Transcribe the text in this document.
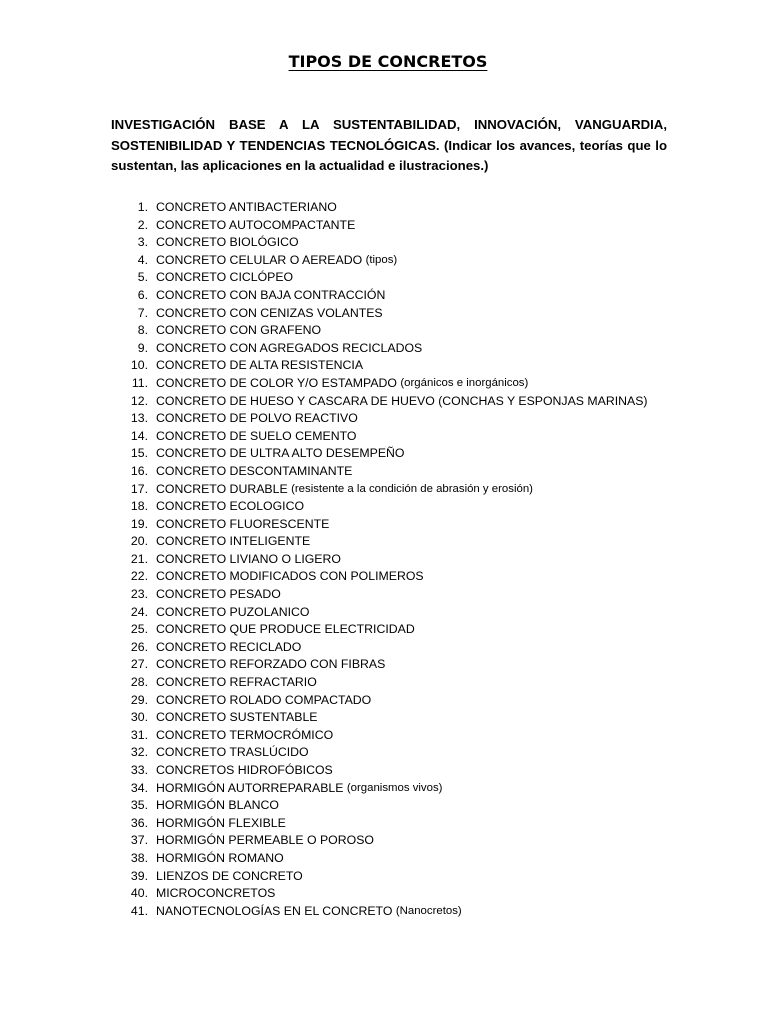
TIPOS DE CONCRETOS

INVESTIGACIÓN BASE A LA SUSTENTABILIDAD, INNOVACIÓN, VANGUARDIA, SOSTENIBILIDAD Y TENDENCIAS TECNOLÓGICAS. (Indicar los avances, teorías que lo sustentan, las aplicaciones en la actualidad e ilustraciones.)

1. CONCRETO ANTIBACTERIANO
2. CONCRETO AUTOCOMPACTANTE
3. CONCRETO BIOLÓGICO
4. CONCRETO CELULAR O AEREADO
(tipos)
5. CONCRETO CICLÓPEO
6. CONCRETO CON BAJA CONTRACCIÓN
7. CONCRETO CON CENIZAS VOLANTES
8. CONCRETO CON GRAFENO
9. CONCRETO CON AGREGADOS RECICLADOS
10. CONCRETO DE ALTA RESISTENCIA
11. CONCRETO DE COLOR Y/O ESTAMPADO
(orgánicos e inorgánicos)
12. CONCRETO DE HUESO Y CASCARA DE HUEVO (CONCHAS Y ESPONJAS MARINAS)
13. CONCRETO DE POLVO REACTIVO
14. CONCRETO DE SUELO CEMENTO
15. CONCRETO DE ULTRA ALTO DESEMPEÑO
16. CONCRETO DESCONTAMINANTE
17. CONCRETO DURABLE
(resistente a la condición de abrasión y erosión)
18. CONCRETO ECOLOGICO
19. CONCRETO FLUORESCENTE
20. CONCRETO INTELIGENTE
21. CONCRETO LIVIANO O LIGERO
22. CONCRETO MODIFICADOS CON POLIMEROS
23. CONCRETO PESADO
24. CONCRETO PUZOLANICO
25. CONCRETO QUE PRODUCE ELECTRICIDAD
26. CONCRETO RECICLADO
27. CONCRETO REFORZADO CON FIBRAS
28. CONCRETO REFRACTARIO
29. CONCRETO ROLADO COMPACTADO
30. CONCRETO SUSTENTABLE
31. CONCRETO TERMOCRÓMICO
32. CONCRETO TRASLÚCIDO
33. CONCRETOS HIDROFÓBICOS
34. HORMIGÓN AUTORREPARABLE
(organismos vivos)
35. HORMIGÓN BLANCO
36. HORMIGÓN FLEXIBLE
37. HORMIGÓN PERMEABLE O POROSO
38. HORMIGÓN ROMANO
39. LIENZOS DE CONCRETO
40. MICROCONCRETOS
41. NANOTECNOLOGÍAS EN EL CONCRETO
(Nanocretos)
